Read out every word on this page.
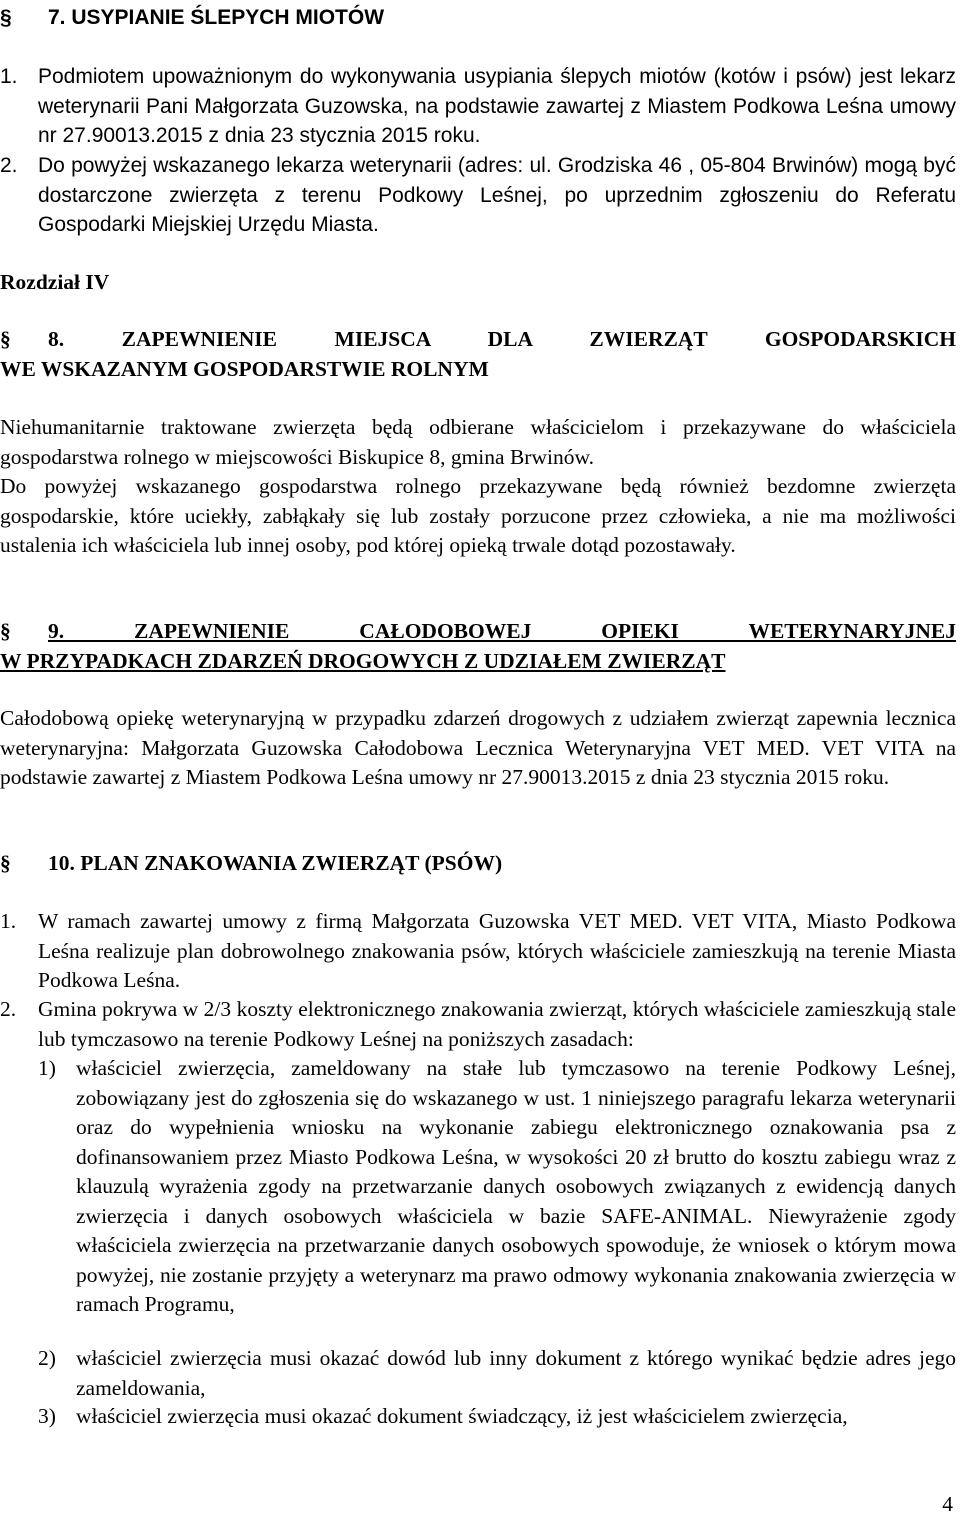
§ 7. USYPIANIE ŚLEPYCH MIOTÓW
1. Podmiotem upoważnionym do wykonywania usypiania ślepych miotów (kotów i psów) jest lekarz weterynarii Pani Małgorzata Guzowska, na podstawie zawartej z Miastem Podkowa Leśna umowy nr 27.90013.2015 z dnia 23 stycznia 2015 roku.
2. Do powyżej wskazanego lekarza weterynarii (adres: ul. Grodziska 46 , 05-804 Brwinów) mogą być dostarczone zwierzęta z terenu Podkowy Leśnej, po uprzednim zgłoszeniu do Referatu Gospodarki Miejskiej Urzędu Miasta.
Rozdział IV
§	8. ZAPEWNIENIE MIEJSCA DLA ZWIERZĄT GOSPODARSKICH
WE WSKAZANYM GOSPODARSTWIE ROLNYM
Niehumanitarnie traktowane zwierzęta będą odbierane właścicielom i przekazywane do właściciela gospodarstwa rolnego w miejscowości Biskupice 8, gmina Brwinów.
Do powyżej wskazanego gospodarstwa rolnego przekazywane będą również bezdomne zwierzęta gospodarskie, które uciekły, zabłąkały się lub zostały porzucone przez człowieka, a nie ma możliwości ustalenia ich właściciela lub innej osoby, pod której opieką trwale dotąd pozostawały.
§	9. ZAPEWNIENIE CAŁODOBOWEJ OPIEKI WETERYNARYJNEJ
W PRZYPADKACH ZDARZEŃ DROGOWYCH Z UDZIAŁEM ZWIERZĄT
Całodobową opiekę weterynaryjną w przypadku zdarzeń drogowych z udziałem zwierząt zapewnia lecznica weterynaryjna: Małgorzata Guzowska Całodobowa Lecznica Weterynaryjna VET MED. VET VITA na podstawie zawartej z Miastem Podkowa Leśna umowy nr 27.90013.2015 z dnia 23 stycznia 2015 roku.
§ 10. PLAN ZNAKOWANIA ZWIERZĄT (PSÓW)
1.	W ramach zawartej umowy z firmą Małgorzata Guzowska VET MED. VET VITA, Miasto Podkowa Leśna realizuje plan dobrowolnego znakowania psów, których właściciele zamieszkują na terenie Miasta Podkowa Leśna.
2.	Gmina pokrywa w 2/3 koszty elektronicznego znakowania zwierząt, których właściciele zamieszkują stale lub tymczasowo na terenie Podkowy Leśnej na poniższych zasadach:
1) właściciel zwierzęcia, zameldowany na stałe lub tymczasowo na terenie Podkowy Leśnej, zobowiązany jest do zgłoszenia się do wskazanego w ust. 1 niniejszego paragrafu lekarza weterynarii oraz do wypełnienia wniosku na wykonanie zabiegu elektronicznego oznakowania psa z dofinansowaniem przez Miasto Podkowa Leśna, w wysokości 20 zł brutto do kosztu zabiegu wraz z klauzulą wyrażenia zgody na przetwarzanie danych osobowych związanych z ewidencją danych zwierzęcia i danych osobowych właściciela w bazie SAFE-ANIMAL. Niewyrażenie zgody właściciela zwierzęcia na przetwarzanie danych osobowych spowoduje, że wniosek o którym mowa powyżej, nie zostanie przyjęty a weterynarz ma prawo odmowy wykonania znakowania zwierzęcia w ramach Programu,
2) właściciel zwierzęcia musi okazać dowód lub inny dokument z którego wynikać będzie adres jego zameldowania,
3) właściciel zwierzęcia musi okazać dokument świadczący, iż jest właścicielem zwierzęcia,
4
